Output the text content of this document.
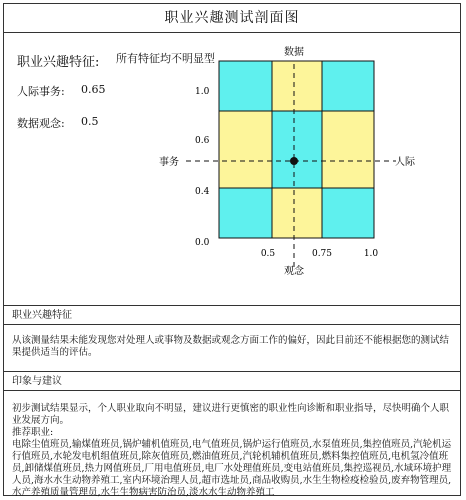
职业兴趣测试剖面图
职业兴趣特征: 所有特征均不明显型
人际事务: 0.65
数据观念: 0.5
数据
观念
事务	人际
1.0
0.6
0.4
0.0
0.5	0.75	1.0
职业兴趣特征
从该测量结果未能发现您对处理人或事物及数据或观念方面工作的偏好，因此目前还不能根据您的测试结果提供适当的评估。
印象与建议
初步测试结果显示，个人职业取向不明显，建议进行更慎密的职业性向诊断和职业指导，尽快明确个人职业发展方向。
推荐职业:
电除尘值班员,输煤值班员,锅炉辅机值班员,电气值班员,锅炉运行值班员,水泵值班员,集控值班员,汽轮机运行值班员,水轮发电机组值班员,除灰值班员,燃油值班员,汽轮机辅机值班员,燃料集控值班员,电机氢冷值班员,卸储煤值班员,热力网值班员,厂用电值班员,电厂水处理值班员,变电站值班员,集控巡视员,水域环境护理人员,海水水生动物养殖工,室内环境治理人员,超市选址员,商品收购员,水生生物检疫检验员,废弃物管理员,水产养殖质量管理员,水生生物病害防治员,淡水水生动物养殖工
